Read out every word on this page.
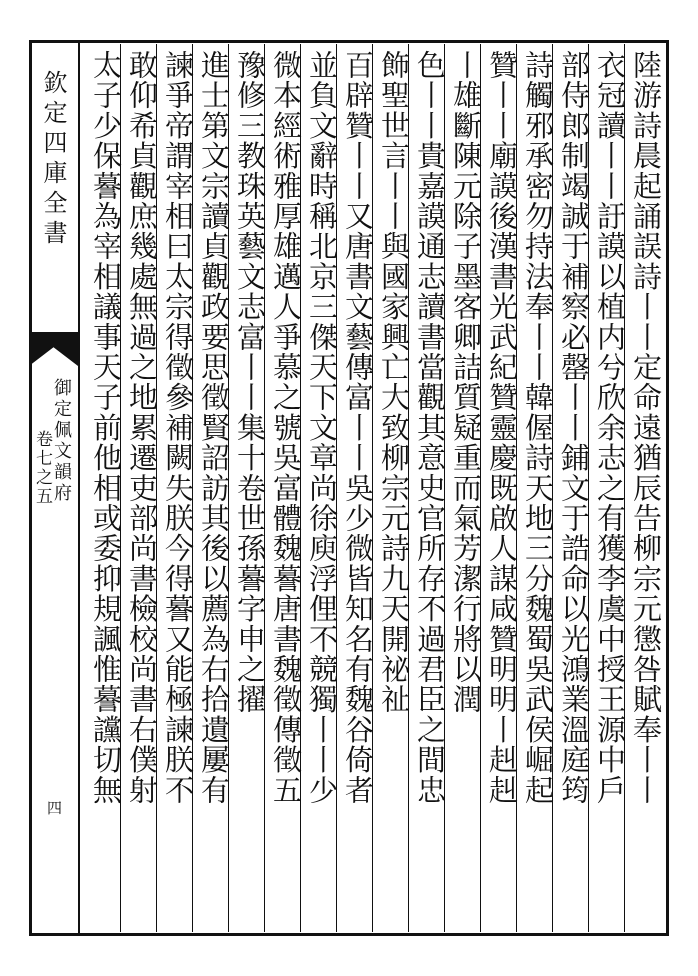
欽定四庫全書
御定佩文韻府
卷七之五
四
陸游詩晨起誦誤詩丨丨定命遠猶辰告柳宗元懲咎賦奉丨丨
衣冠讀丨丨訏謨以植内兮欣余志之有獲李虞中授王源中戶
部侍郎制竭誠于補察必罄丨丨鋪文于誥命以光鴻業溫庭筠
詩觸邪承密勿持法奉丨丨韓偓詩天地三分魏蜀吳武侯崛起
贊丨丨廟謨後漢書光武紀贊靈慶既啟人謀咸贊明明丨赳赳
丨雄斷陳元除子墨客卿詰質疑重而氣芳潔行將以潤
色丨丨貴嘉謨通志讀書當觀其意史官所存不過君臣之間忠
飾聖世言丨丨與國家興亡大致柳宗元詩九天開祕祉
百辟贊丨丨又唐書文藝傳富丨丨吳少微皆知名有魏谷倚者
並負文辭時稱北京三傑天下文章尚徐庾浮俚不競獨丨丨少
微本經術雅厚雄邁人爭慕之號吳富體魏謩唐書魏徵傳徵五
豫修三教珠英藝文志富丨丨集十卷世孫謩字申之擢
進士第文宗讀貞觀政要思徵賢詔訪其後以薦為右拾遺屢有
諫爭帝謂宰相曰太宗得徵參補闕失朕今得謩又能極諫朕不
敢仰希貞觀庶幾處無過之地累遷吏部尚書檢校尚書右僕射
太子少保謩為宰相議事天子前他相或委抑規諷惟謩讜切無
